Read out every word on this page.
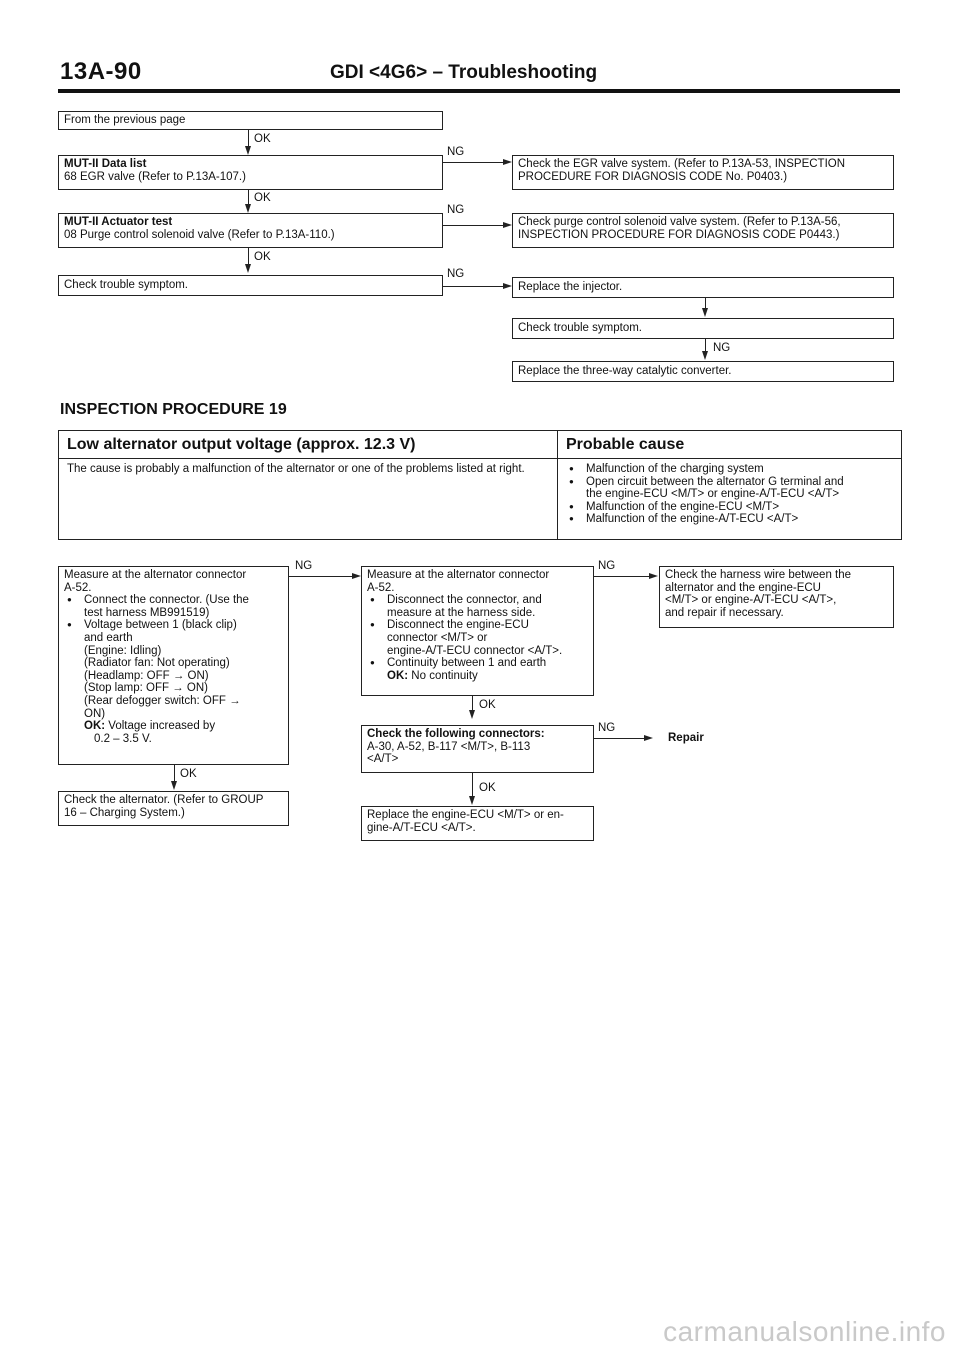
13A-90	GDI <4G6> – Troubleshooting
From the previous page
OK
MUT-II Data list
68 EGR valve (Refer to P.13A-107.)
NG
Check the EGR valve system. (Refer to P.13A-53, INSPECTION
PROCEDURE FOR DIAGNOSIS CODE No. P0403.)
OK
MUT-II Actuator test
08 Purge control solenoid valve (Refer to P.13A-110.)
NG
Check purge control solenoid valve system. (Refer to P.13A-56,
INSPECTION PROCEDURE FOR DIAGNOSIS CODE P0443.)
OK
Check trouble symptom.
NG
Replace the injector.
Check trouble symptom.
NG
Replace the three-way catalytic converter.
INSPECTION PROCEDURE 19
Low alternator output voltage (approx. 12.3 V)	Probable cause
The cause is probably a malfunction of the alternator or one of the problems listed at right.
●	Malfunction of the charging system
● Open circuit between the alternator G terminal and
the engine-ECU <M/T> or engine-A/T-ECU <A/T>
● Malfunction of the engine-ECU <M/T>
● Malfunction of the engine-A/T-ECU <A/T>
Measure at the alternator connector
A-52.
● Connect the connector. (Use the
test harness MB991519)
● Voltage between 1 (black clip)
and earth
(Engine: Idling)
(Radiator fan: Not operating)
(Headlamp: OFF → ON)
(Stop lamp: OFF → ON)
(Rear defogger switch: OFF →
ON)
OK: Voltage increased by
0.2 – 3.5 V.
NG
OK
Check the alternator. (Refer to GROUP
16 – Charging System.)
Measure at the alternator connector
A-52.
● Disconnect the connector, and
measure at the harness side.
● Disconnect the engine-ECU
connector <M/T> or
engine-A/T-ECU connector <A/T>.
● Continuity between 1 and earth
OK: No continuity
NG
Check the harness wire between the
alternator and the engine-ECU
<M/T> or engine-A/T-ECU <A/T>,
and repair if necessary.
OK
Check the following connectors:
A-30, A-52, B-117 <M/T>, B-113
<A/T>
NG
Repair
OK
Replace the engine-ECU <M/T> or en-
gine-A/T-ECU <A/T>.
carmanualsonline.info
